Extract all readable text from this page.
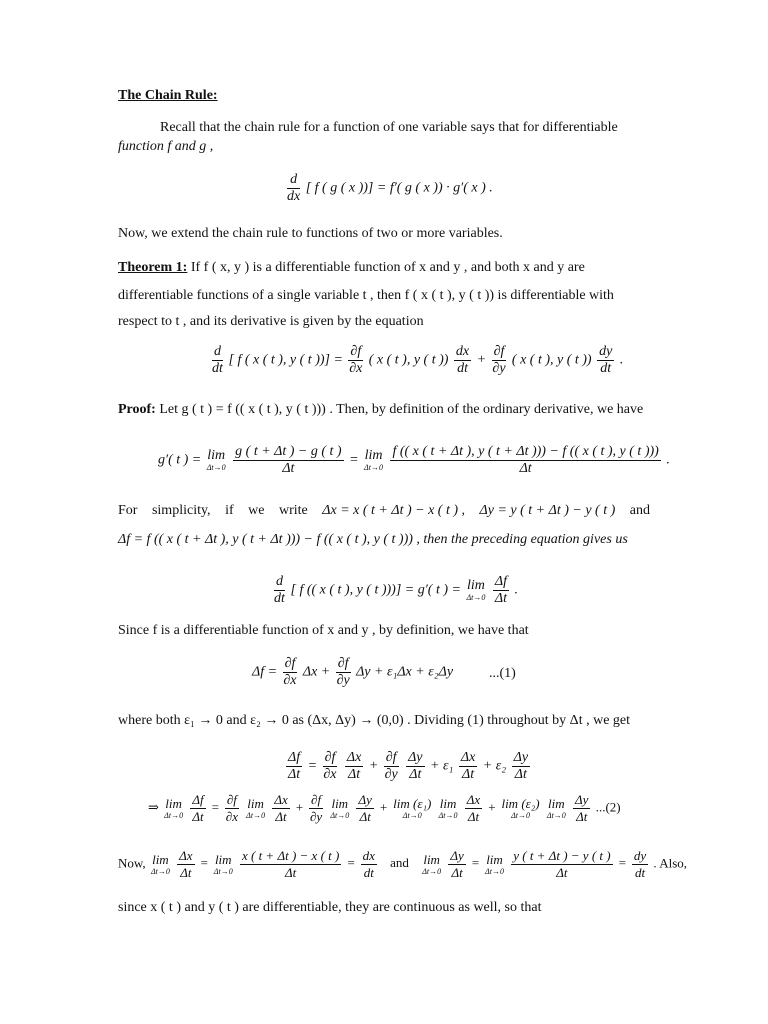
The Chain Rule:
Recall that the chain rule for a function of one variable says that for differentiable
function f and g ,
$\frac{d}{dx}$ [ f ( g ( x ))] = f′( g ( x )) · g′( x ) .
Now, we extend the chain rule to functions of two or more variables.
Theorem 1: If f ( x, y ) is a differentiable function of x and y , and both x and y are
differentiable functions of a single variable t , then f ( x ( t ), y ( t )) is differentiable with
respect to t , and its derivative is given by the equation
$\frac{d}{dt}$ [ f ( x ( t ), y ( t ))] = $\frac{\partial f}{\partial x}$ ( x ( t ), y ( t )) $\frac{dx}{dt} + \frac{\partial f}{\partial y}$ ( x ( t ), y ( t )) $\frac{dy}{dt}$ .
Proof: Let g ( t ) = f (( x ( t ), y ( t ))) . Then, by definition of the ordinary derivative, we have
g′( t ) = lim
Δt→0
$\frac{g ( t + \Delta t ) - g ( t )}{\Delta t} = \lim$
Δt→0
$\frac{f (( x ( t + \Delta t ), y ( t + \Delta t ))) - f (( x ( t ), y ( t )))}{\Delta t}$ .
For simplicity, if we write Δx = x ( t + Δt ) − x ( t ) , Δy = y ( t + Δt ) − y ( t ) and
Δf = f (( x ( t + Δt ), y ( t + Δt ))) − f (( x ( t ), y ( t ))) , then the preceding equation gives us
$\frac{d}{dt}$ [ f (( x ( t ), y ( t )))] = g′( t ) = lim
Δt→0
$\frac{\Delta f}{\Delta t}$ .
Since f is a differentiable function of x and y , by definition, we have that
$\Delta f = \frac{\partial f}{\partial x}$ $\Delta x + \frac{\partial f}{\partial y}$ Δy + ε₁Δx + ε₂Δy	...(1)
where both ε₁ → 0 and ε₂ → 0 as (Δx, Δy) → (0,0) . Dividing (1) throughout by Δt , we get
$\frac{\Delta f}{\Delta t} = \frac{\partial f}{\partial x}$
$\frac{\Delta x}{\Delta t} + \frac{\partial f}{\partial y}$
$\frac{\Delta y}{\Delta t} + \varepsilon_1 \frac{\Delta x}{\Delta t} + \varepsilon_2 \frac{\Delta y}{\Delta t}$
⇒ lim
Δt→0
$\frac{\Delta f}{\Delta t} = \frac{\partial f}{\partial x}$
lim
Δt→0
$\frac{\Delta x}{\Delta t} + \frac{\partial f}{\partial y}$
lim
Δt→0
$\frac{\Delta y}{\Delta t} + \lim (\varepsilon_1)$
Δt→0

lim
Δt→0
$\frac{\Delta x}{\Delta t} + \lim (\varepsilon_2)$
Δt→0

lim
Δt→0
$\frac{\Delta y}{\Delta t} ...(2)$
Now, lim
Δt→0
$\frac{\Delta x}{\Delta t} = \lim$
Δt→0
$\frac{x ( t + \Delta t ) - x ( t )}{\Delta t} = \frac{dx}{dt}$ and lim
Δt→0
$\frac{\Delta y}{\Delta t} = \lim$
Δt→0
$\frac{y ( t + \Delta t ) - y ( t )}{\Delta t} = \frac{dy}{dt}$ . Also,
since x ( t ) and y ( t ) are differentiable, they are continuous as well, so that
